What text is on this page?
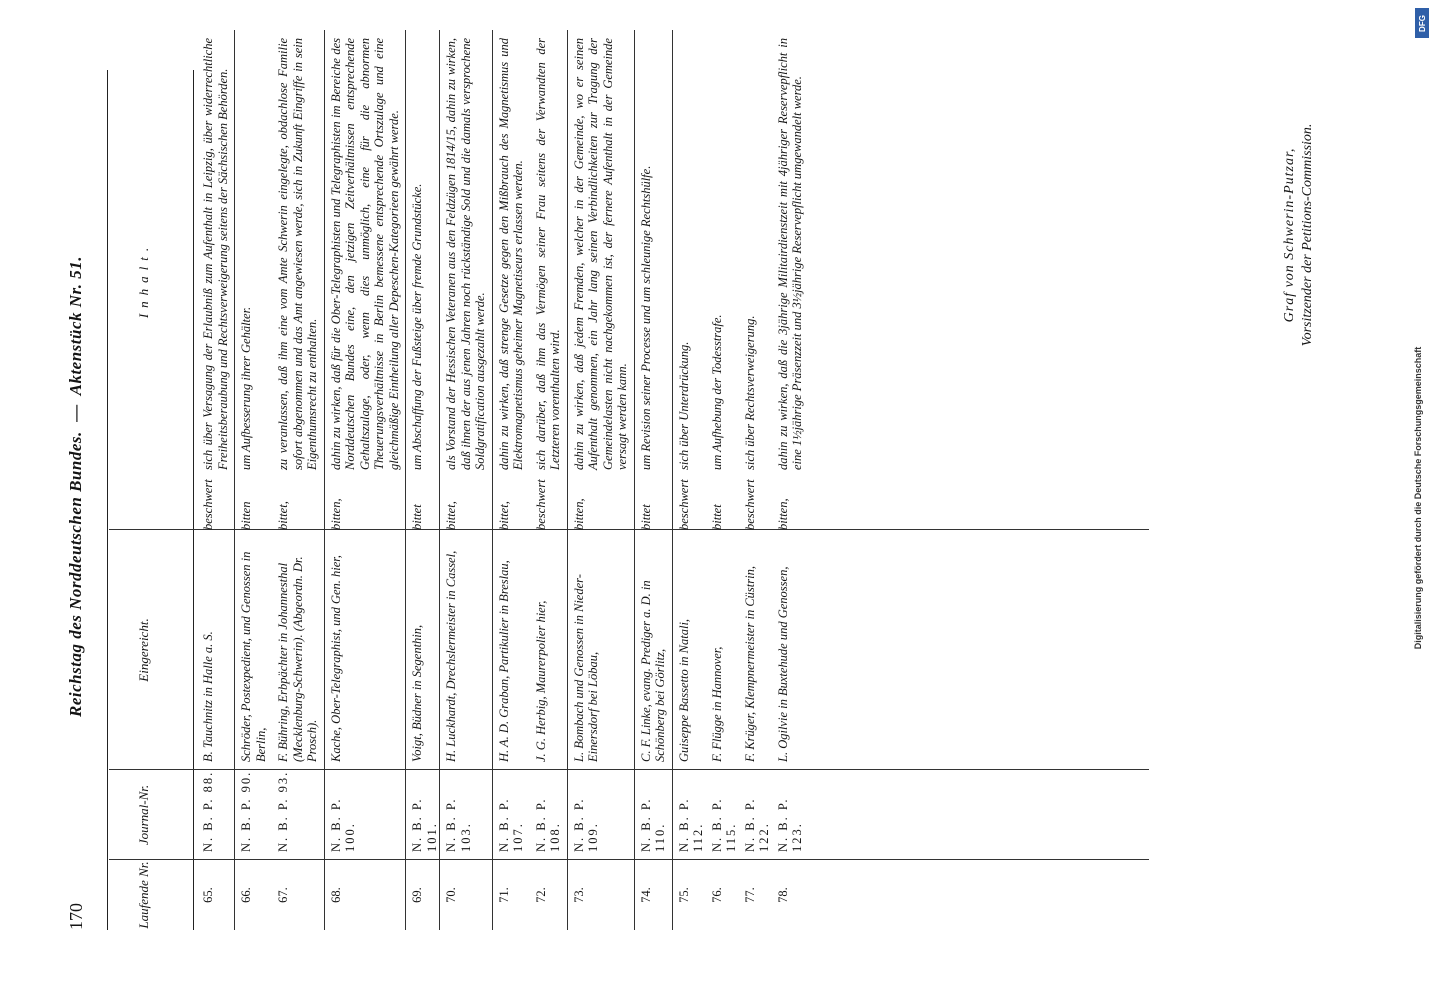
170
Reichstag des Norddeutschen Bundes.  —  Aktenstück Nr. 51.
Laufende Nr.
Journal-Nr.
Eingereicht.
Inhalt.
65.
N. B. P. 88.
B. Tauchnitz in Halle a. S.
beschwert
sich über Versagung der Erlaubniß zum Aufenthalt in Leipzig, über widerrechtliche Freiheitsberaubung und Rechtsverweigerung seitens der Sächsischen Behörden.
66.
N. B. P. 90.
Schröder, Postexpedient, und Genossen in Berlin,
bitten
um Aufbesserung ihrer Gehälter.
67.
N. B. P. 93.
F. Bühring, Erbpächter in Johannesthal (Mecklenburg-Schwerin). (Abgeordn. Dr. Prosch).
bittet,
zu veranlassen, daß ihm eine vom Amte Schwerin eingelegte, obdachlose Familie sofort abgenommen und das Amt angewiesen werde, sich in Zukunft Eingriffe in sein Eigenthumsrecht zu enthalten.
68.
N. B. P. 100.
Kache, Ober-Telegraphist, und Gen. hier,
bitten,
dahin zu wirken, daß für die Ober-Telegraphisten und Telegraphisten im Bereiche des Norddeutschen Bundes eine, den jetzigen Zeitverhältnissen entsprechende Gehaltszulage, oder, wenn dies unmöglich, eine für die abnormen Theuerungsverhältnisse in Berlin bemessene entsprechende Ortszulage und eine gleichmäßige Eintheilung aller Depeschen-Kategorieen gewährt werde.
69.
N. B. P. 101.
Voigt, Büdner in Segenthin,
bittet
um Abschaffung der Fußsteige über fremde Grundstücke.
70.
N. B. P. 103.
H. Luckhardt, Drechslermeister in Cassel,
bittet,
als Vorstand der Hessischen Veteranen aus den Feldzügen 1814/15, dahin zu wirken, daß ihnen der aus jenen Jahren noch rückständige Sold und die damals versprochene Soldgratification ausgezahlt werde.
71.
N. B. P. 107.
H. A. D. Graban, Partikulier in Breslau,
bittet,
dahin zu wirken, daß strenge Gesetze gegen den Mißbrauch des Magnetismus und Elektromagnetismus geheimer Magnetiseurs erlassen werden.
72.
N. B. P. 108.
J. G. Herbig, Maurerpolier hier,
beschwert
sich darüber, daß ihm das Vermögen seiner Frau seitens der Verwandten der Letzteren vorenthalten wird.
73.
N. B. P. 109.
L. Bombach und Genossen in Nieder-Einersdorf bei Löbau,
bitten,
dahin zu wirken, daß jedem Fremden, welcher in der Gemeinde, wo er seinen Aufenthalt genommen, ein Jahr lang seinen Verbindlichkeiten zur Tragung der Gemeindelasten nicht nachgekommen ist, der fernere Aufenthalt in der Gemeinde versagt werden kann.
74.
N. B. P. 110.
C. F. Linke, evang. Prediger a. D. in Schönberg bei Görlitz,
bittet
um Revision seiner Processe und um schleunige Rechtshülfe.
75.
N. B. P. 112.
Guiseppe Bassetto in Natali,
beschwert
sich über Unterdrückung.
76.
N. B. P. 115.
F. Flügge in Hannover,
bittet
um Aufhebung der Todesstrafe.
77.
N. B. P. 122.
F. Krüger, Klempnermeister in Cüstrin,
beschwert
sich über Rechtsverweigerung.
78.
N. B. P. 123.
L. Ogilvie in Buxtehude und Genossen,
bitten,
dahin zu wirken, daß die 3jährige Militairdienstzeit mit 4jähriger Reservepflicht in eine 1½jährige Präsenzzeit und 3½jährige Reservepflicht umgewandelt werde.	Graf von Schwerin-Putzar, Vorsitzender der Petitions-Commission.
Digitalisierung gefördert durch die Deutsche Forschungsgemeinschaft
DFG
